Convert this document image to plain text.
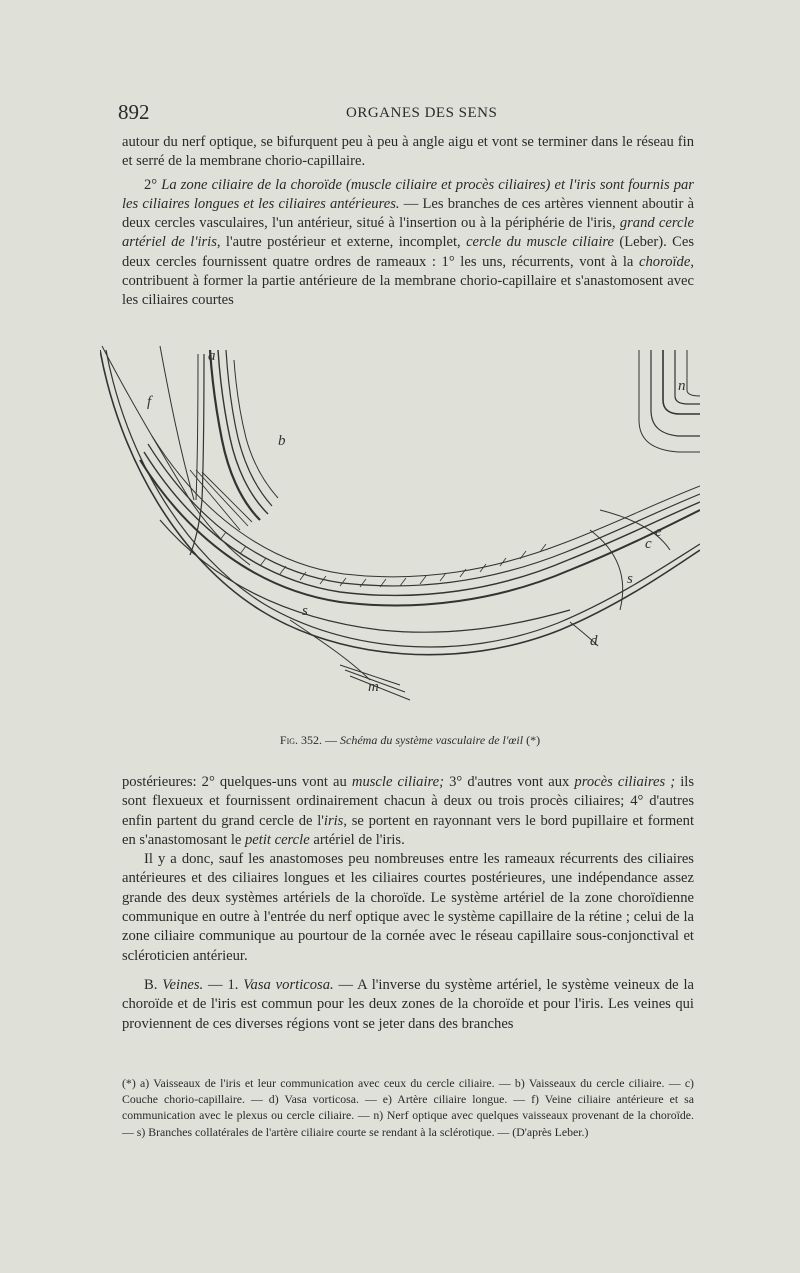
892	ORGANES DES SENS

autour du nerf optique, se bifurquent peu à peu à angle aigu et vont se terminer dans le réseau fin et serré de la membrane chorio-capillaire.

2° La zone ciliaire de la choroïde (muscle ciliaire et procès ciliaires) et l'iris sont fournis par les ciliaires longues et les ciliaires antérieures. — Les branches de ces artères viennent aboutir à deux cercles vasculaires, l'un antérieur, situé à l'insertion ou à la périphérie de l'iris, grand cercle artériel de l'iris, l'autre postérieur et externe, incomplet, cercle du muscle ciliaire (Leber). Ces deux cercles fournissent quatre ordres de rameaux : 1° les uns, récurrents, vont à la choroïde, contribuent à former la partie antérieure de la membrane chorio-capillaire et s'anastomosent avec les ciliaires courtes

a
b
c
d
e
f
n
s
s
m
Fig. 352. — Schéma du système vasculaire de l'œil (*)

postérieures: 2° quelques-uns vont au muscle ciliaire; 3° d'autres vont aux procès ciliaires ; ils sont flexueux et fournissent ordinairement chacun à deux ou trois procès ciliaires; 4° d'autres enfin partent du grand cercle de l'iris, se portent en rayonnant vers le bord pupillaire et forment en s'anastomosant le petit cercle artériel de l'iris.

Il y a donc, sauf les anastomoses peu nombreuses entre les rameaux récurrents des ciliaires antérieures et des ciliaires longues et les ciliaires courtes postérieures, une indépendance assez grande des deux systèmes artériels de la choroïde. Le système artériel de la zone choroïdienne communique en outre à l'entrée du nerf optique avec le système capillaire de la rétine ; celui de la zone ciliaire communique au pourtour de la cornée avec le réseau capillaire sous-conjonctival et scléroticien antérieur.

B. Veines. — 1. Vasa vorticosa. — A l'inverse du système artériel, le système veineux de la choroïde et de l'iris est commun pour les deux zones de la choroïde et pour l'iris. Les veines qui proviennent de ces diverses régions vont se jeter dans des branches

(*) a) Vaisseaux de l'iris et leur communication avec ceux du cercle ciliaire. — b) Vaisseaux du cercle ciliaire. — c) Couche chorio-capillaire. — d) Vasa vorticosa. — e) Artère ciliaire longue. — f) Veine ciliaire antérieure et sa communication avec le plexus ou cercle ciliaire. — n) Nerf optique avec quelques vaisseaux provenant de la choroïde. — s) Branches collatérales de l'artère ciliaire courte se rendant à la sclérotique. — (D'après Leber.)
